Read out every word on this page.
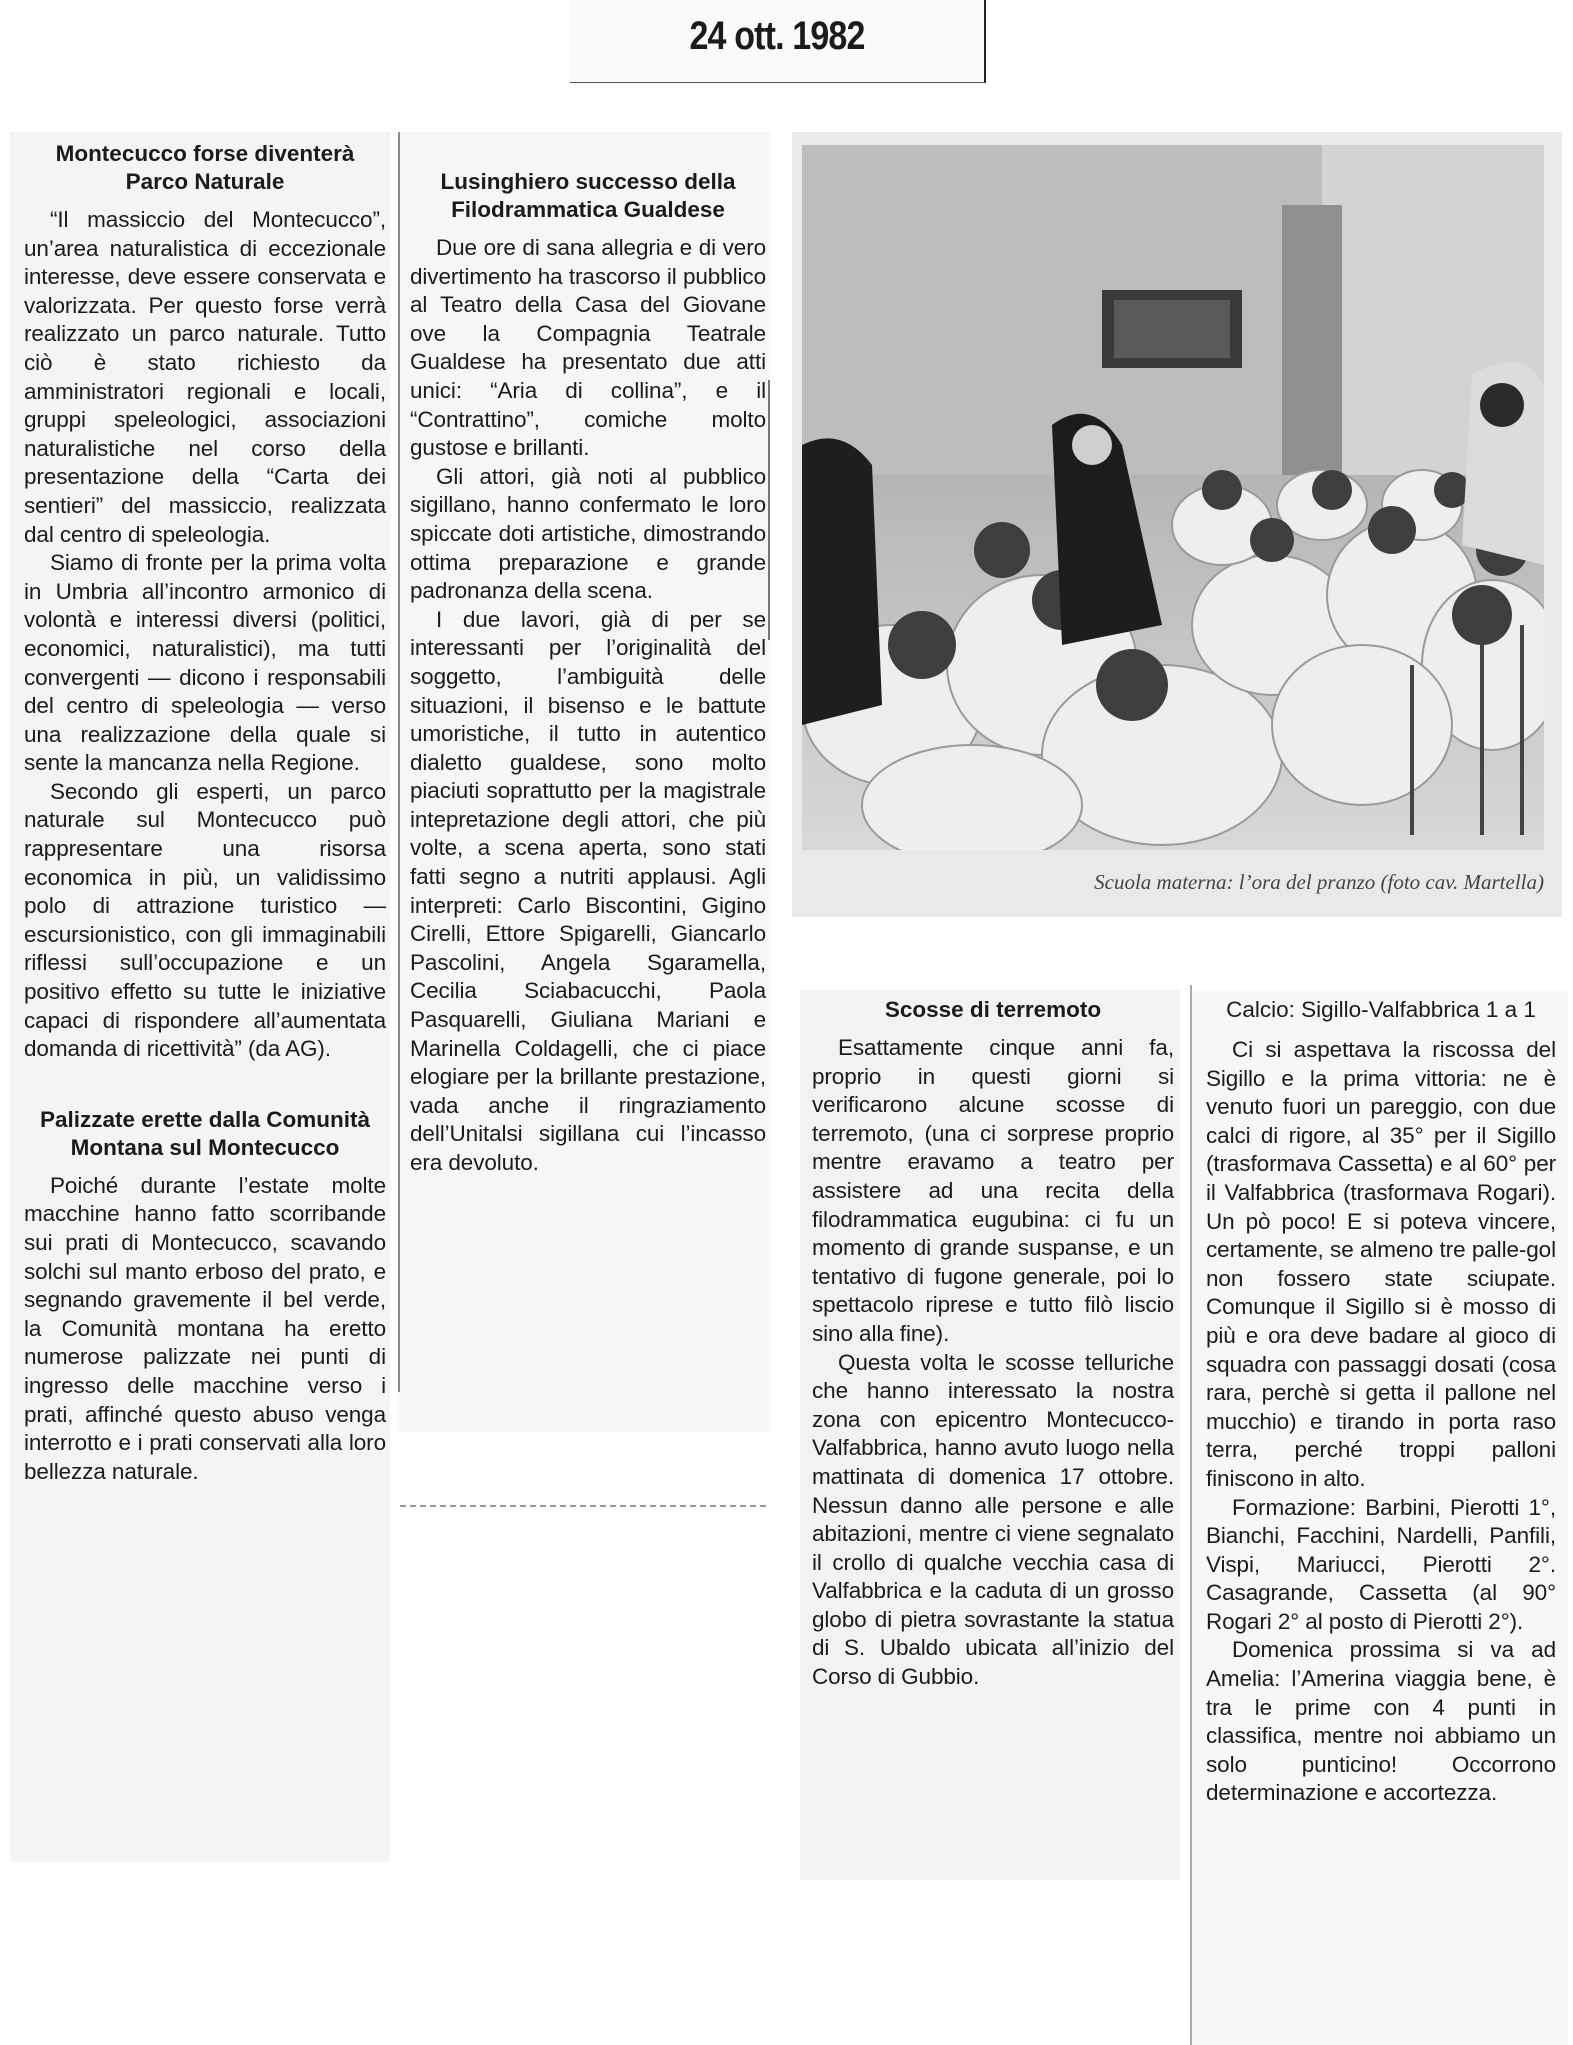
24 ott. 1982
Montecucco forse diventerà Parco Naturale

“Il massiccio del Montecucco”, un’area naturalistica di eccezionale interesse, deve essere conservata e valorizzata. Per questo forse verrà realizzato un parco naturale. Tutto ciò è stato richiesto da amministratori regionali e locali, gruppi speleologici, associazioni naturalistiche nel corso della presentazione della “Carta dei sentieri” del massiccio, realizzata dal centro di speleologia.

Siamo di fronte per la prima volta in Umbria all’incontro armonico di volontà e interessi diversi (politici, economici, naturalistici), ma tutti convergenti — dicono i responsabili del centro di speleologia — verso una realizzazione della quale si sente la mancanza nella Regione.

Secondo gli esperti, un parco naturale sul Montecucco può rappresentare una risorsa economica in più, un validissimo polo di attrazione turistico — escursionistico, con gli immaginabili riflessi sull’occupazione e un positivo effetto su tutte le iniziative capaci di rispondere all’aumentata domanda di ricettività” (da AG).

Palizzate erette dalla Comunità Montana sul Montecucco

Poiché durante l’estate molte macchine hanno fatto scorribande sui prati di Montecucco, scavando solchi sul manto erboso del prato, e segnando gravemente il bel verde, la Comunità montana ha eretto numerose palizzate nei punti di ingresso delle macchine verso i prati, affinché questo abuso venga interrotto e i prati conservati alla loro bellezza naturale.

Lusinghiero successo della Filodrammatica Gualdese

Due ore di sana allegria e di vero divertimento ha trascorso il pubblico al Teatro della Casa del Giovane ove la Compagnia Teatrale Gualdese ha presentato due atti unici: “Aria di collina”, e il “Contrattino”, comiche molto gustose e brillanti.

Gli attori, già noti al pubblico sigillano, hanno confermato le loro spiccate doti artistiche, dimostrando ottima preparazione e grande padronanza della scena.

I due lavori, già di per se interessanti per l’originalità del soggetto, l’ambiguità delle situazioni, il bisenso e le battute umoristiche, il tutto in autentico dialetto gualdese, sono molto piaciuti soprattutto per la magistrale intepretazione degli attori, che più volte, a scena aperta, sono stati fatti segno a nutriti applausi. Agli interpreti: Carlo Biscontini, Gigino Cirelli, Ettore Spigarelli, Giancarlo Pascolini, Angela Sgaramella, Cecilia Sciabacucchi, Paola Pasquarelli, Giuliana Mariani e Marinella Coldagelli, che ci piace elogiare per la brillante prestazione, vada anche il ringraziamento dell’Unitalsi sigillana cui l’incasso era devoluto.

Scuola materna: l’ora del pranzo (foto cav. Martella)
Scosse di terremoto

Esattamente cinque anni fa, proprio in questi giorni si verificarono alcune scosse di terremoto, (una ci sorprese proprio mentre eravamo a teatro per assistere ad una recita della filodrammatica eugubina: ci fu un momento di grande suspanse, e un tentativo di fugone generale, poi lo spettacolo riprese e tutto filò liscio sino alla fine).

Questa volta le scosse telluriche che hanno interessato la nostra zona con epicentro Montecucco-Valfabbrica, hanno avuto luogo nella mattinata di domenica 17 ottobre. Nessun danno alle persone e alle abitazioni, mentre ci viene segnalato il crollo di qualche vecchia casa di Valfabbrica e la caduta di un grosso globo di pietra sovrastante la statua di S. Ubaldo ubicata all’inizio del Corso di Gubbio.

Calcio: Sigillo-Valfabbrica 1 a 1

Ci si aspettava la riscossa del Sigillo e la prima vittoria: ne è venuto fuori un pareggio, con due calci di rigore, al 35° per il Sigillo (trasformava Cassetta) e al 60° per il Valfabbrica (trasformava Rogari). Un pò poco! E si poteva vincere, certamente, se almeno tre palle-gol non fossero state sciupate. Comunque il Sigillo si è mosso di più e ora deve badare al gioco di squadra con passaggi dosati (cosa rara, perchè si getta il pallone nel mucchio) e tirando in porta raso terra, perché troppi palloni finiscono in alto.

Formazione: Barbini, Pierotti 1°, Bianchi, Facchini, Nardelli, Panfili, Vispi, Mariucci, Pierotti 2°. Casagrande, Cassetta (al 90° Rogari 2° al posto di Pierotti 2°).

Domenica prossima si va ad Amelia: l’Amerina viaggia bene, è tra le prime con 4 punti in classifica, mentre noi abbiamo un solo punticino! Occorrono determinazione e accortezza.
